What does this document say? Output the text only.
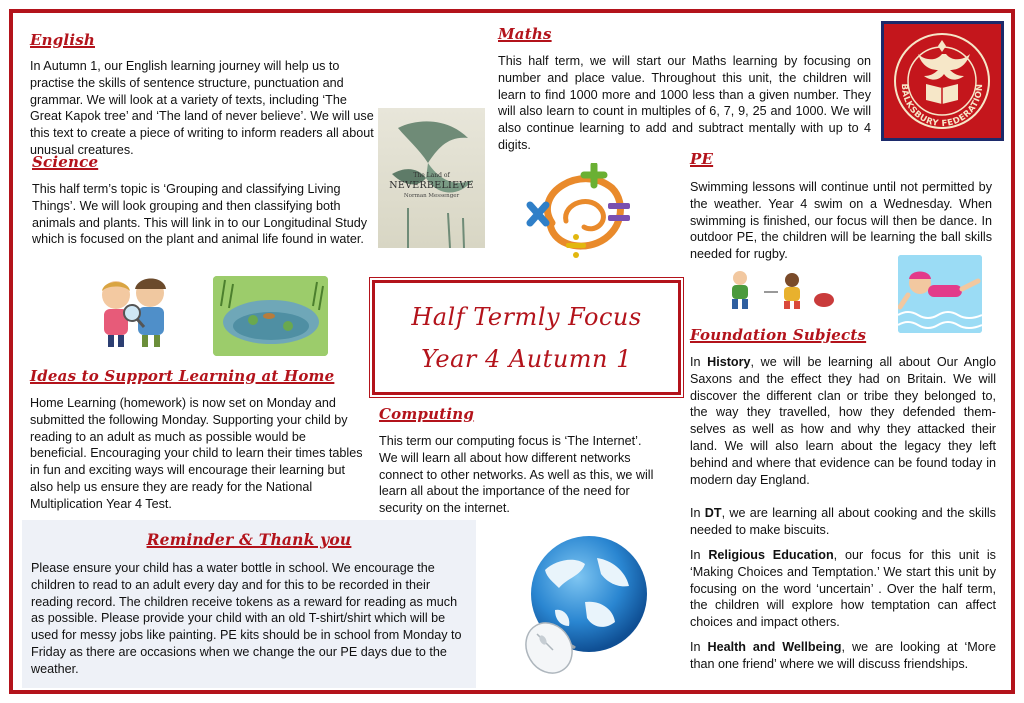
English
In Autumn 1, our English learning journey will help us to practise the skills of sentence structure, punctuation and grammar. We will look at a variety of texts, including ‘The Great Kapok tree’ and ‘The land of never believe’. We will use this text to create a piece of writing to inform readers all about unusual creatures.
Maths
This half term, we will start our Maths learning by focusing on number and place value. Throughout this unit, the children will learn to find 1000 more and 1000 less than a given number. They will also learn to count in multiples of 6, 7, 9, 25 and 1000. We will also continue learning to add and subtract mentally with up to 4 digits.
BALKSBURY FEDERATION
The Land of
NEVERBELIEVE
Norman Messenger
Science
This half term’s topic is ‘Grouping and classifying Living Things’. We will look grouping and then classifying both animals and plants. This will link in to our Longitudinal Study which is focused on the plant and animal life found in water.
Half Termly Focus
Year 4 Autumn 1
PE
Swimming lessons will continue until not permitted by the weather. Year 4 swim on a Wednesday. When swimming is finished, our focus will then be dance. In outdoor PE, the children will be learning the ball skills needed for rugby.
Ideas to Support Learning at Home
Home Learning (homework) is now set on Monday and submitted the following Monday. Supporting your child by reading to an adult as much as possible would be beneficial. Encouraging your child to learn their times tables in fun and exciting ways will encourage their learning but also help us ensure they are ready for the National Multiplication Year 4 Test.
Computing
This term our computing focus is ‘The Internet’. We will learn all about how different networks connect to other networks. As well as this, we will learn all about the importance of the need for security on the internet.
Foundation Subjects
In History, we will be learning all about Our Anglo Saxons and the effect they had on Britain. We will discover the different clan or tribe they belonged to, the way they travelled, how they defended them-selves as well as how and why they attacked their land. We will also learn about the legacy they left behind and where that evidence can be found today in modern day England.
In DT, we are learning all about cooking and the skills needed to make biscuits.
In Religious Education, our focus for this unit is ‘Making Choices and Temptation.’ We start this unit by focusing on the word ‘uncertain’ . Over the half term, the children will explore how temptation can affect choices and impact others.
In Health and Wellbeing, we are looking at ‘More than one friend’ where we will discuss friendships.
Reminder & Thank you
Please ensure your child has a water bottle in school. We encourage the children to read to an adult every day and for this to be recorded in their reading record. The children receive tokens as a reward for reading as much as possible. Please provide your child with an old T-shirt/shirt which will be used for messy jobs like painting. PE kits should be in school from Monday to Friday as there are occasions when we change the our PE days due to the weather.
